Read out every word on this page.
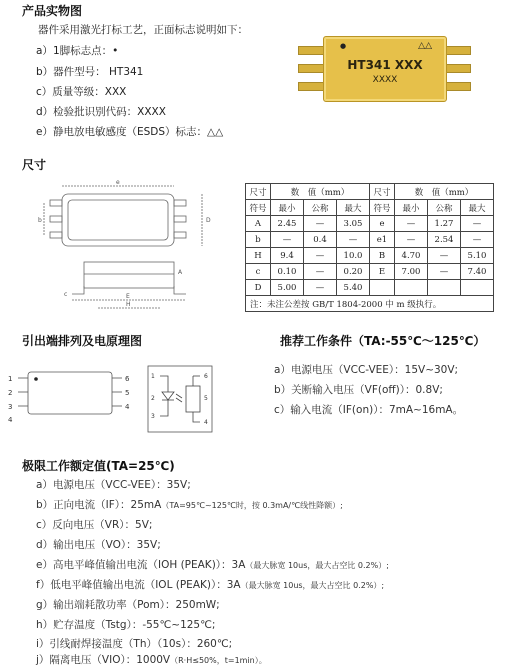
产品实物图
器件采用激光打标工艺，正面标志说明如下：
a）1脚标志点：•
b）器件型号： HT341
c）质量等级：XXX
d）检验批识别代码：XXXX
e）静电放电敏感度（ESDS）标志：△△
●	△△
HT341 XXX
XXXX
尺寸
e
b	D
A
E
c
H
尺寸	数　值（mm）			尺寸	数　值（mm）		
符号	最小	公称	最大	符号	最小	公称	最大
A	2.45	—	3.05	e	—	1.27	—
b	—	0.4	—	e1	—	2.54	—
H	9.4	—	10.0	B	4.70	—	5.10
c	0.10	—	0.20	E	7.00	—	7.40
D	5.00	—	5.40				
注：未注公差按 GB/T 1804-2000 中 m 级执行。							
引出端排列及电原理图
1
2
3
4
6
5
4
1
2
3
6
5
4
推荐工作条件（TA:-55℃～125℃）
a）电源电压（VCC-VEE）：15V~30V;
b）关断输入电压（VF(off)）：0.8V;
c）输入电流（IF(on)）：7mA~16mA。
极限工作额定值(TA=25℃)
a）电源电压（VCC-VEE）：35V;
b）正向电流（IF）：25mA（TA=95℃~125℃时，按 0.3mA/℃线性降额）;
c）反向电压（VR）：5V;
d）输出电压（VO）：35V;
e）高电平峰值输出电流（IOH (PEAK)）：3A（最大脉宽 10us，最大占空比 0.2%）;
f）低电平峰值输出电流（IOL (PEAK)）：3A（最大脉宽 10us，最大占空比 0.2%）;
g）输出端耗散功率（Pom）：250mW;
h）贮存温度（Tstg）：-55℃~125℃;
i）引线耐焊接温度（Th）（10s）：260℃;
j）隔离电压（VIO）：1000V（R·H≤50%，t=1min）。
